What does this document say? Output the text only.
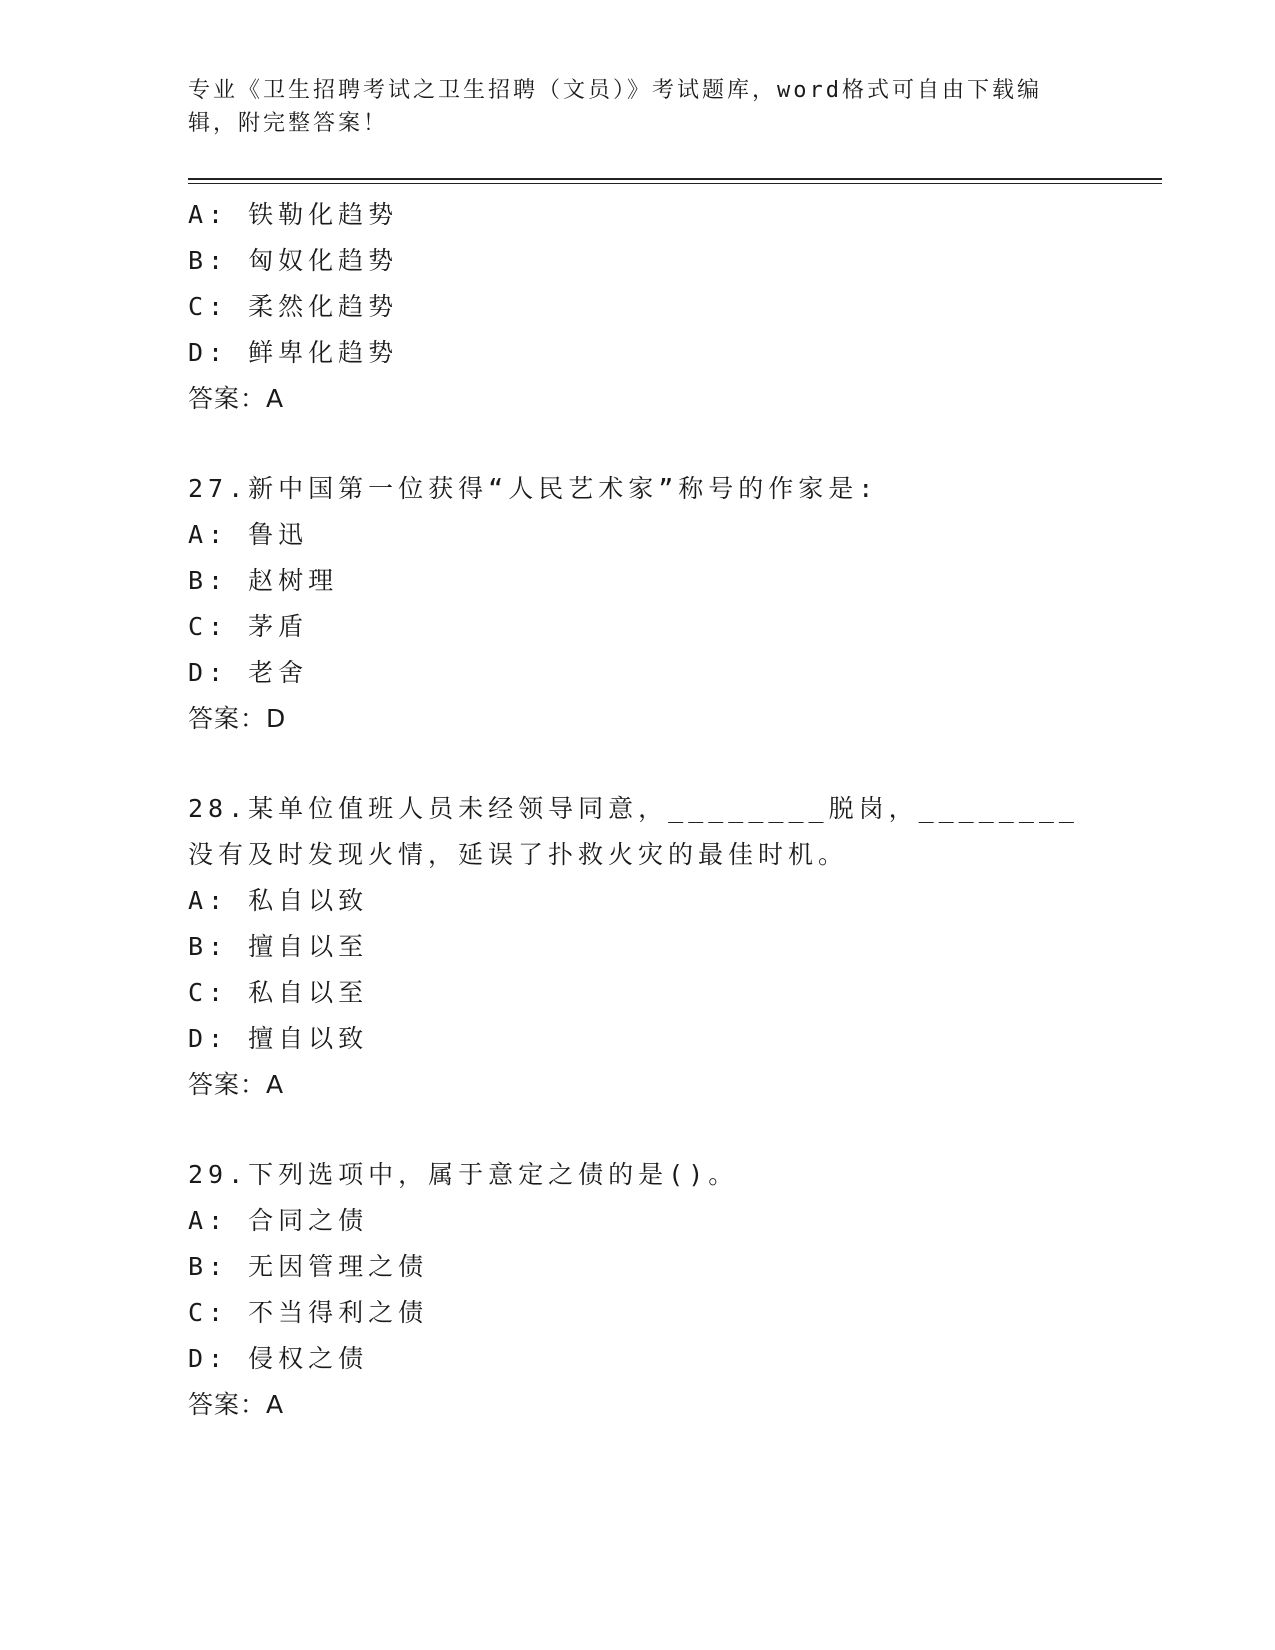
专业《卫生招聘考试之卫生招聘（文员）》考试题库，word格式可自由下载编辑，附完整答案！
A: 铁勒化趋势
B: 匈奴化趋势
C: 柔然化趋势
D: 鲜卑化趋势
答案：A
27.新中国第一位获得“人民艺术家”称号的作家是:
A: 鲁迅
B: 赵树理
C: 茅盾
D: 老舍
答案：D
28.某单位值班人员未经领导同意，________脱岗，________没有及时发现火情，延误了扑救火灾的最佳时机。
A: 私自以致
B: 擅自以至
C: 私自以至
D: 擅自以致
答案：A
29.下列选项中，属于意定之债的是()。
A: 合同之债
B: 无因管理之债
C: 不当得利之债
D: 侵权之债
答案：A
